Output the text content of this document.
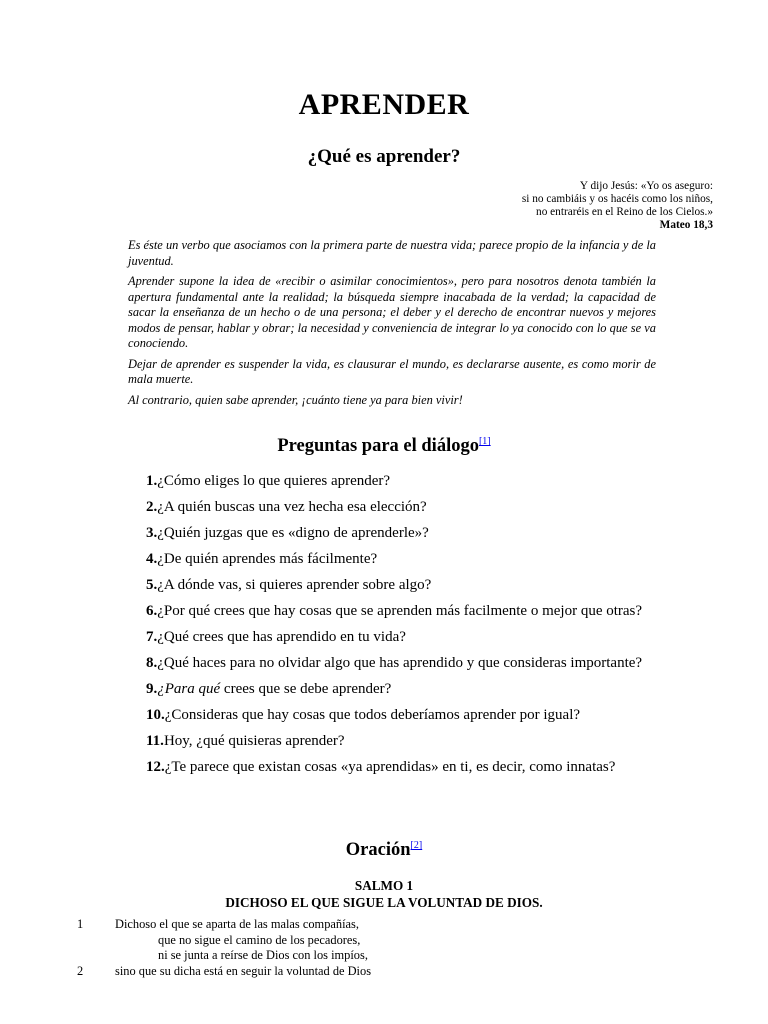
APRENDER
¿Qué es aprender?
Y dijo Jesús: «Yo os aseguro:
si no cambiáis y os hacéis como los niños,
no entraréis en el Reino de los Cielos.»
Mateo 18,3

Es éste un verbo que asociamos con la primera parte de nuestra vida; parece propio de la infancia y de la juventud.

Aprender supone la idea de «recibir o asimilar conocimientos», pero para nosotros denota también la apertura fundamental ante la realidad; la búsqueda siempre inacabada de la verdad; la capacidad de sacar la enseñanza de un hecho o de una persona; el deber y el derecho de encontrar nuevos y mejores modos de pensar, hablar y obrar; la necesidad y conveniencia de integrar lo ya conocido con lo que se va conociendo.

Dejar de aprender es suspender la vida, es clausurar el mundo, es declararse ausente, es como morir de mala muerte.

Al contrario, quien sabe aprender, ¡cuánto tiene ya para bien vivir!

Preguntas para el diálogo[1]
1.¿Cómo eliges lo que quieres aprender?
2.¿A quién buscas una vez hecha esa elección?
3.¿Quién juzgas que es «digno de aprenderle»?
4.¿De quién aprendes más fácilmente?
5.¿A dónde vas, si quieres aprender sobre algo?
6.¿Por qué crees que hay cosas que se aprenden más facilmente o mejor que otras?
7.¿Qué crees que has aprendido en tu vida?
8.¿Qué haces para no olvidar algo que has aprendido y que consideras importante?
9.¿Para qué crees que se debe aprender?
10.¿Consideras que hay cosas que todos deberíamos aprender por igual?
11.Hoy, ¿qué quisieras aprender?
12.¿Te parece que existan cosas «ya aprendidas» en ti, es decir, como innatas?
Oración[2]
SALMO 1
DICHOSO EL QUE SIGUE LA VOLUNTAD DE DIOS.
1	Dichoso el que se aparta de las malas compañías,
que no sigue el camino de los pecadores,
ni se junta a reírse de Dios con los impíos,
2	sino que su dicha está en seguir la voluntad de Dios
